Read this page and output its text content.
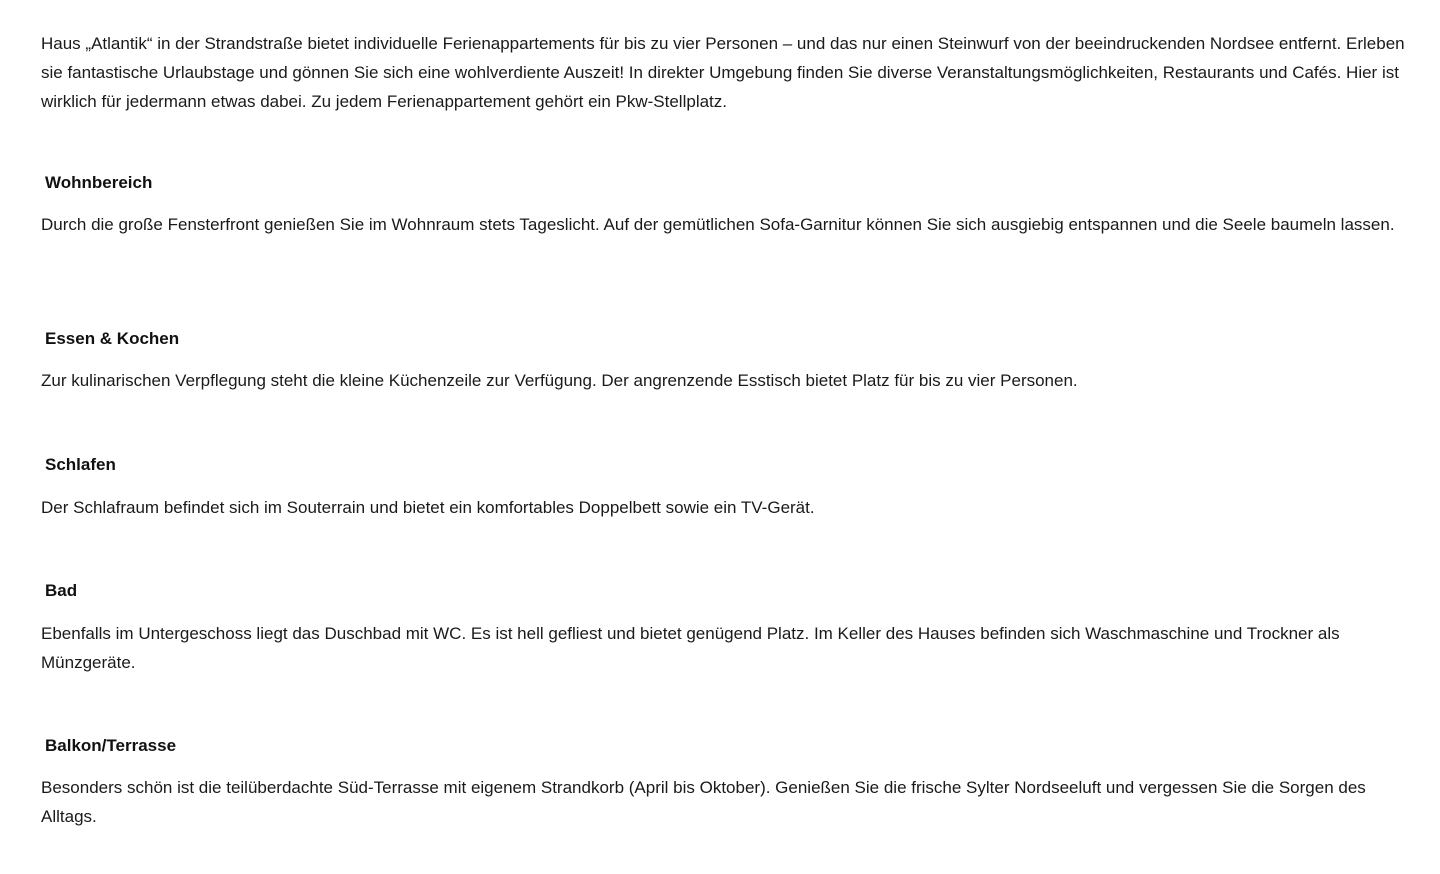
Haus „Atlantik“ in der Strandstraße bietet individuelle Ferienappartements für bis zu vier Personen – und das nur einen Steinwurf von der beeindruckenden Nordsee entfernt. Erleben sie fantastische Urlaubstage und gönnen Sie sich eine wohlverdiente Auszeit! In direkter Umgebung finden Sie diverse Veranstaltungsmöglichkeiten, Restaurants und Cafés. Hier ist wirklich für jedermann etwas dabei. Zu jedem Ferienappartement gehört ein Pkw-Stellplatz.

Wohnbereich

Durch die große Fensterfront genießen Sie im Wohnraum stets Tageslicht. Auf der gemütlichen Sofa-Garnitur können Sie sich ausgiebig entspannen und die Seele baumeln lassen.

Essen & Kochen

Zur kulinarischen Verpflegung steht die kleine Küchenzeile zur Verfügung. Der angrenzende Esstisch bietet Platz für bis zu vier Personen.

Schlafen

Der Schlafraum befindet sich im Souterrain und bietet ein komfortables Doppelbett sowie ein TV-Gerät.

Bad

Ebenfalls im Untergeschoss liegt das Duschbad mit WC. Es ist hell gefliest und bietet genügend Platz. Im Keller des Hauses befinden sich Waschmaschine und Trockner als Münzgeräte.

Balkon/Terrasse

Besonders schön ist die teilüberdachte Süd-Terrasse mit eigenem Strandkorb (April bis Oktober). Genießen Sie die frische Sylter Nordseeluft und vergessen Sie die Sorgen des Alltags.
